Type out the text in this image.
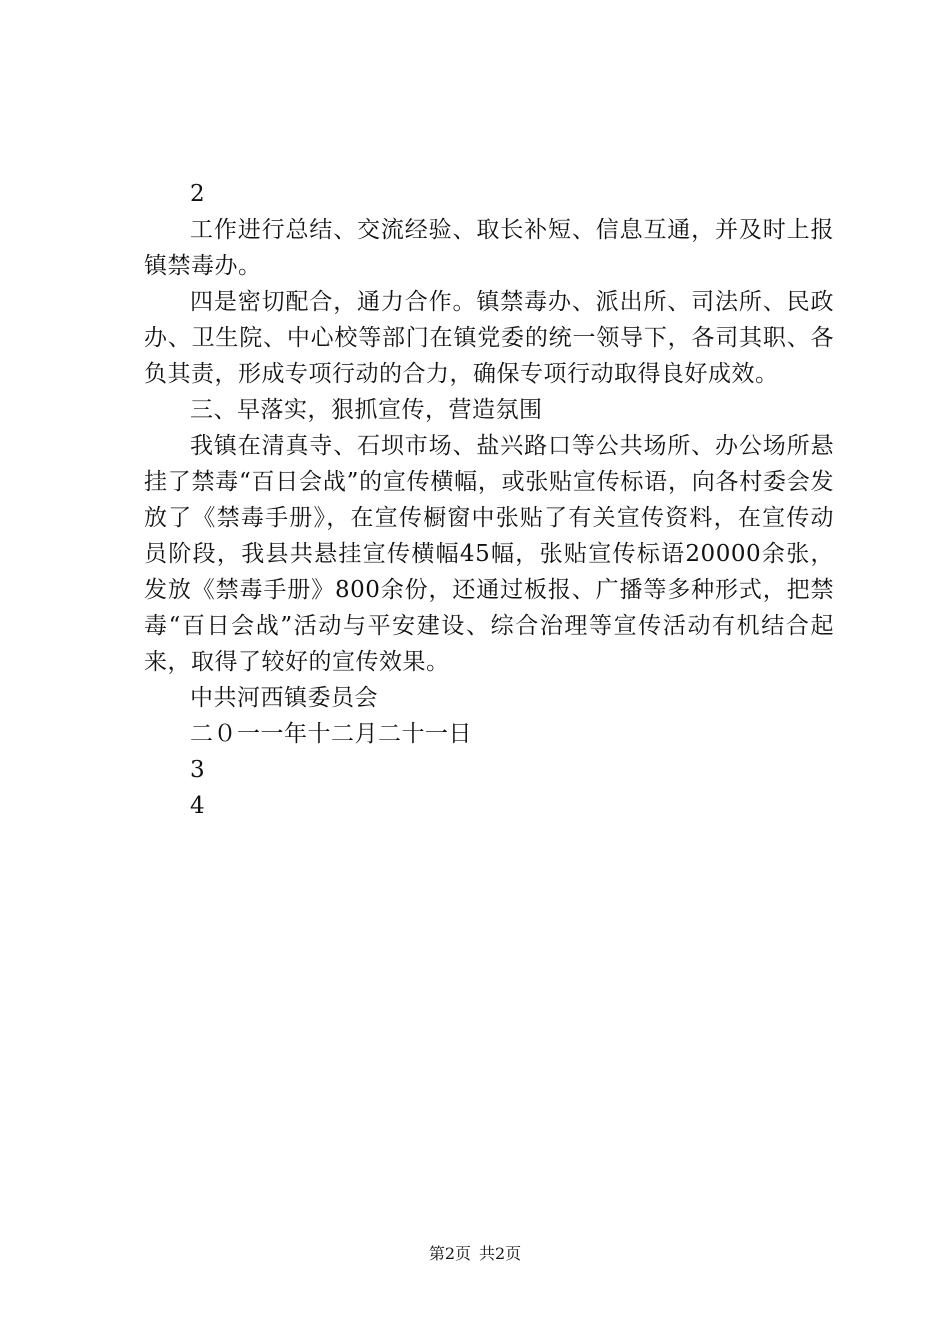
2

工作进行总结、交流经验、取长补短、信息互通，并及时上报镇禁毒办。

四是密切配合，通力合作。镇禁毒办、派出所、司法所、民政办、卫生院、中心校等部门在镇党委的统一领导下，各司其职、各负其责，形成专项行动的合力，确保专项行动取得良好成效。

三、早落实，狠抓宣传，营造氛围

我镇在清真寺、石坝市场、盐兴路口等公共场所、办公场所悬挂了禁毒“百日会战”的宣传横幅，或张贴宣传标语，向各村委会发放了《禁毒手册》，在宣传橱窗中张贴了有关宣传资料，在宣传动员阶段，我县共悬挂宣传横幅45幅，张贴宣传标语20000余张，发放《禁毒手册》800余份，还通过板报、广播等多种形式，把禁毒“百日会战”活动与平安建设、综合治理等宣传活动有机结合起来，取得了较好的宣传效果。

中共河西镇委员会

二０一一年十二月二十一日

3

4

第2页 共2页
